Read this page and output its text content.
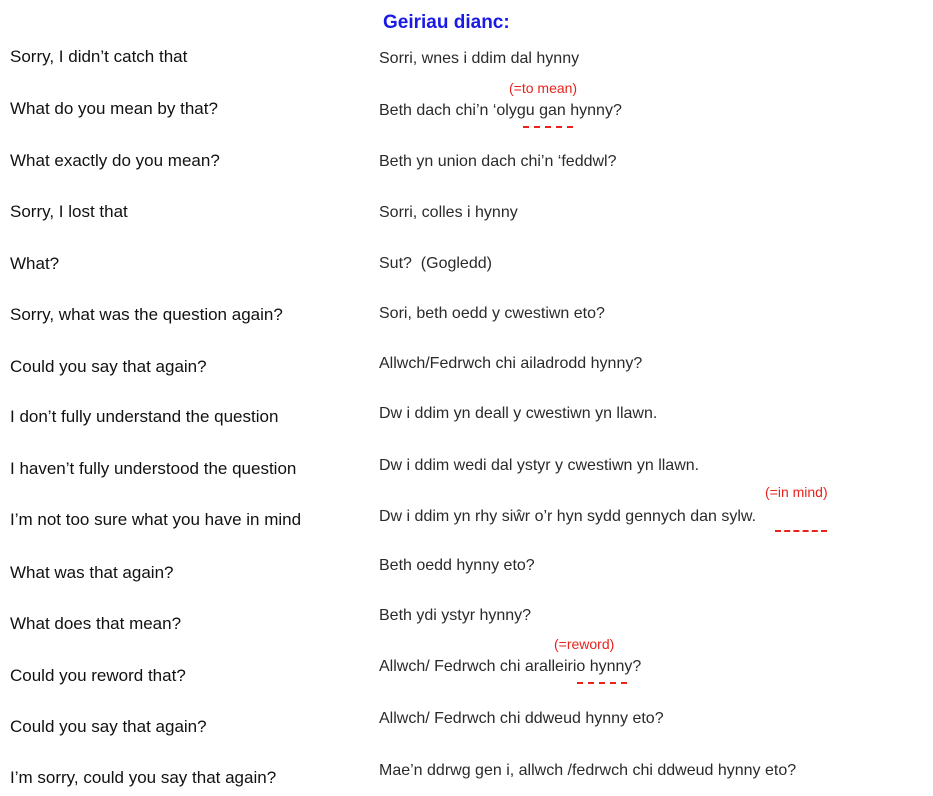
Geiriau dianc:
Sorry, I didn’t catch that	Sorri, wnes i ddim dal hynny
What do you mean by that?	Beth dach chi’n ‘olygu gan hynny?
What exactly do you mean?	Beth yn union dach chi’n ‘feddwl?
Sorry, I lost that	Sorri, colles i hynny
What?	Sut?  (Gogledd)
Sorry, what was the question again?	Sori, beth oedd y cwestiwn eto?
Could you say that again?	Allwch/Fedrwch chi ailadrodd hynny?
I don’t fully understand the question	Dw i ddim yn deall y cwestiwn yn llawn.
I haven’t fully understood the question	Dw i ddim wedi dal ystyr y cwestiwn yn llawn.
I’m not too sure what you have in mind	Dw i ddim yn rhy siŵr o’r hyn sydd gennych dan sylw.
What was that again?	Beth oedd hynny eto?
What does that mean?	Beth ydi ystyr hynny?
Could you reword that?	Allwch/ Fedrwch chi aralleirio hynny?
Could you say that again?	Allwch/ Fedrwch chi ddweud hynny eto?
I’m sorry, could you say that again?	Mae’n ddrwg gen i, allwch /fedrwch chi ddweud hynny eto?
(=to mean)
(=in mind)
(=reword)
